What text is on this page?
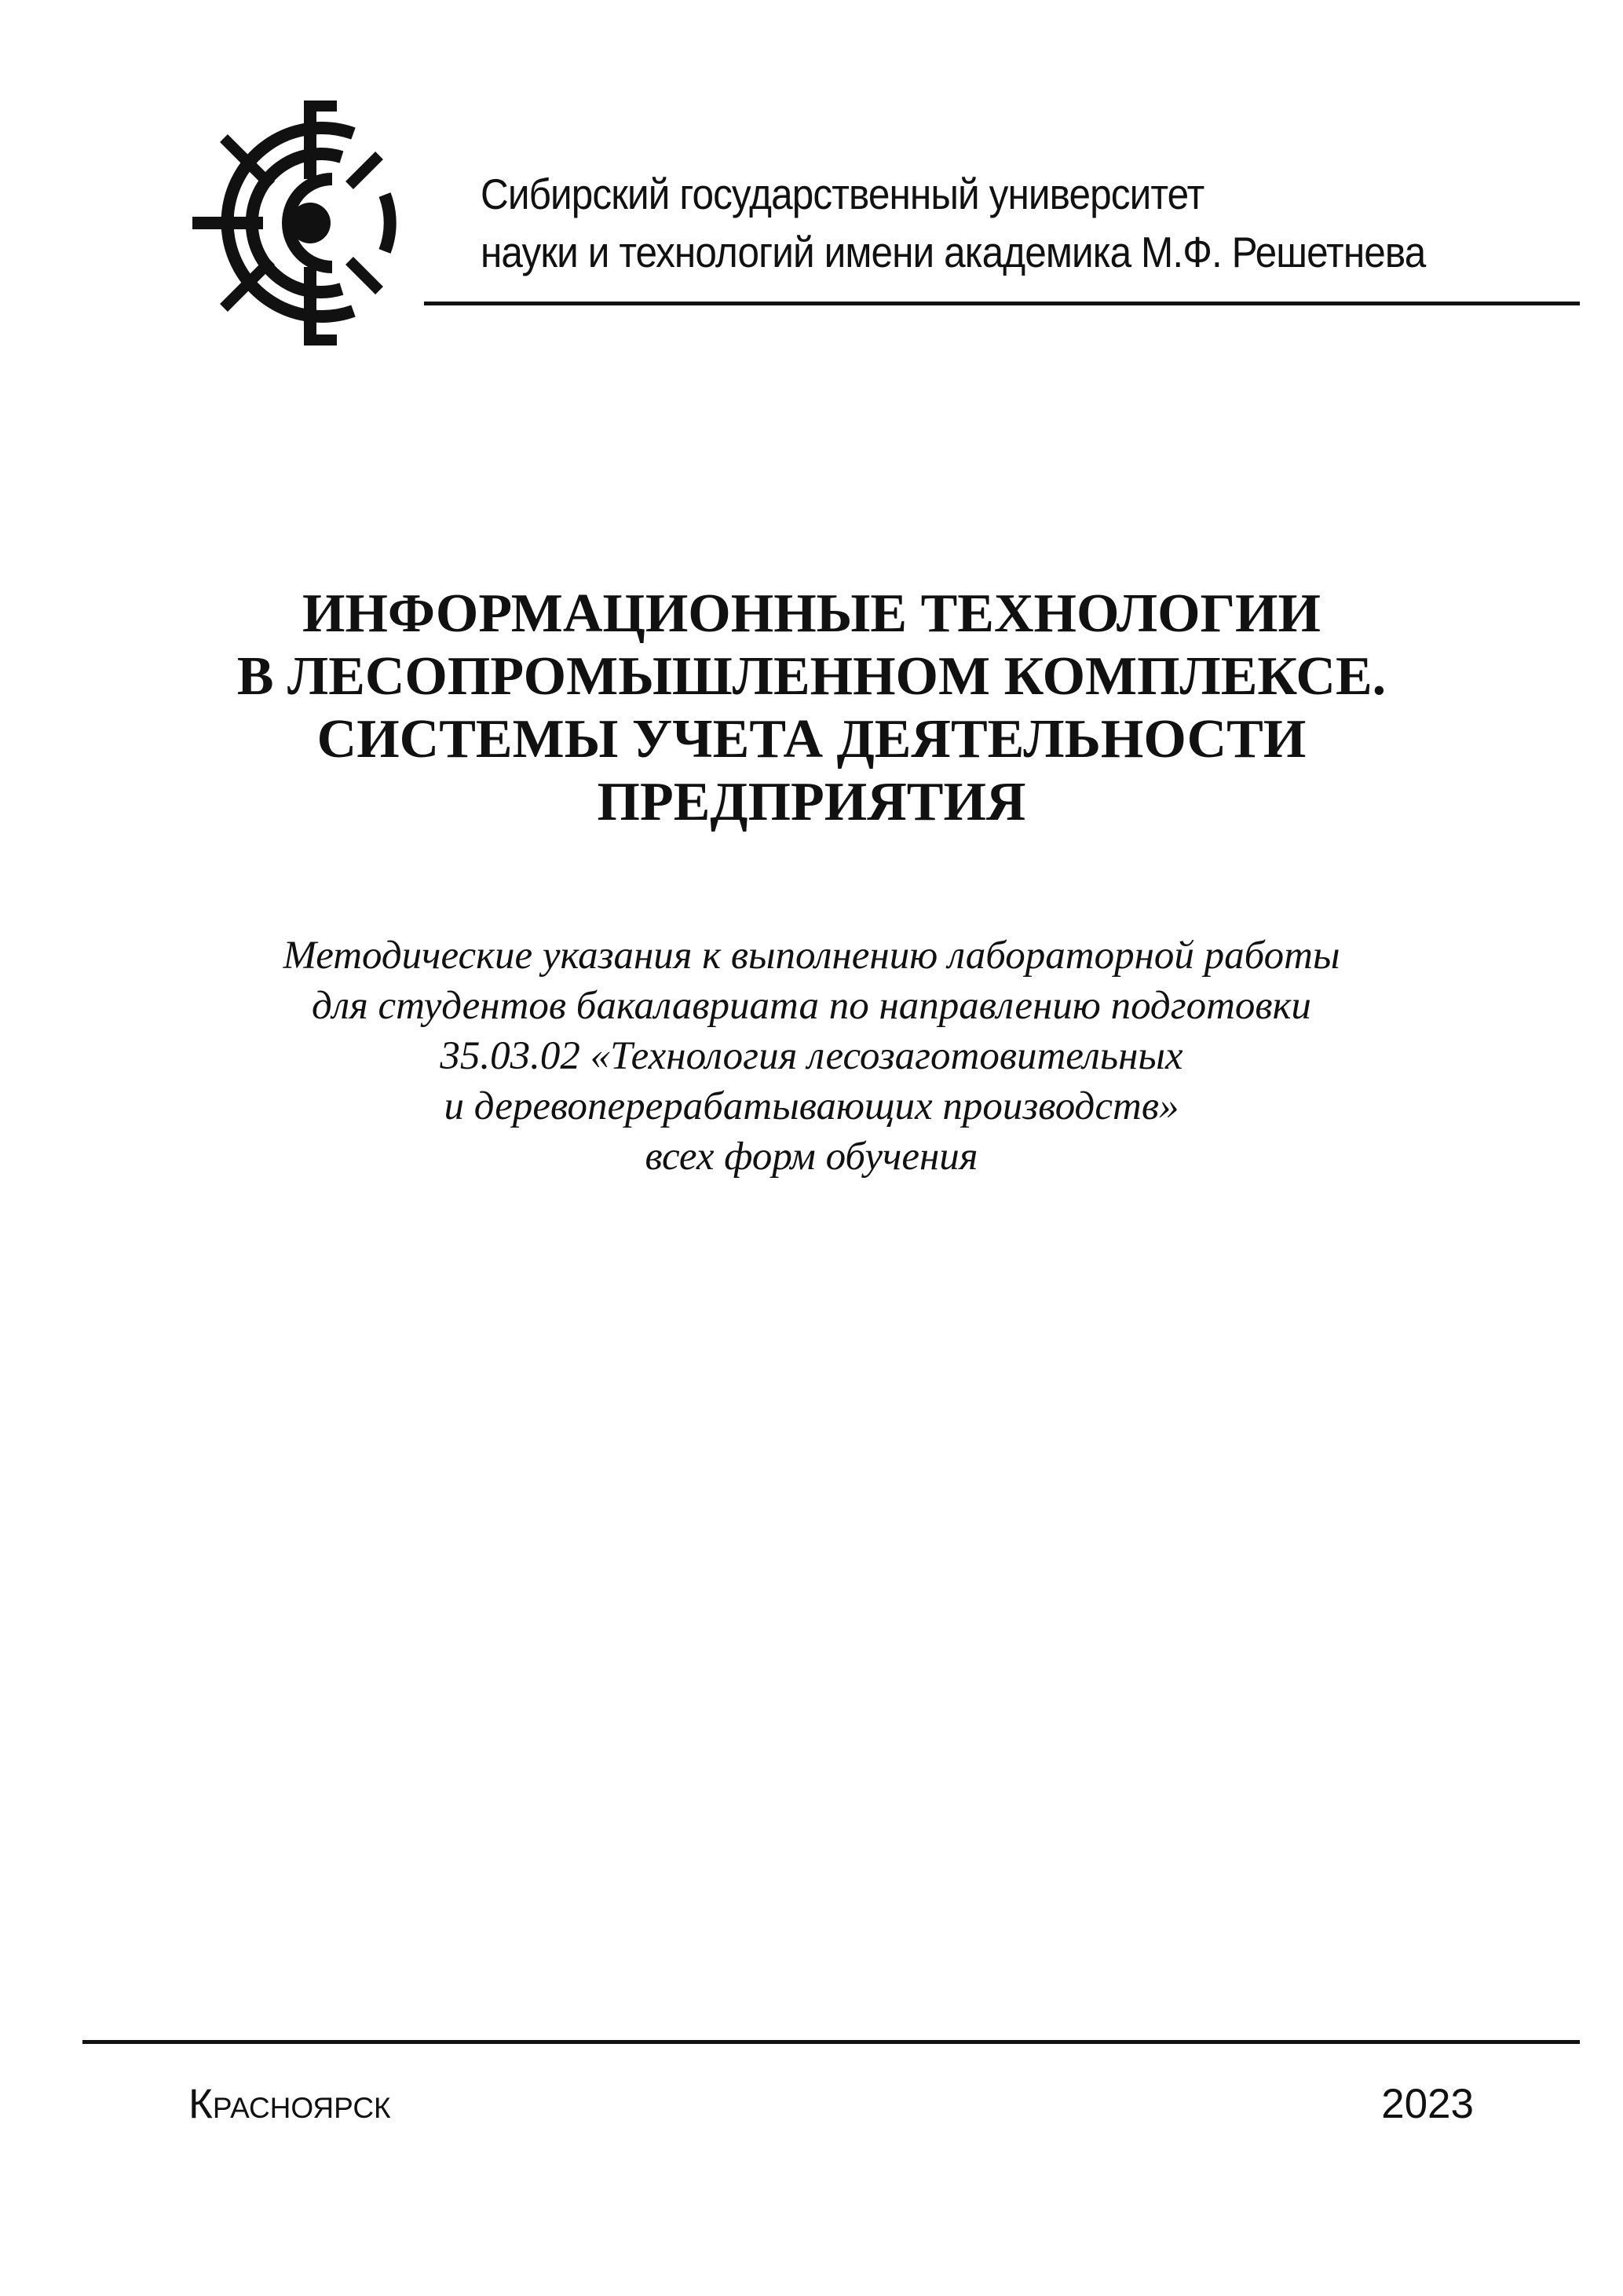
Сибирский государственный университет
науки и технологий имени академика М.Ф. Решетнева
ИНФОРМАЦИОННЫЕ ТЕХНОЛОГИИ
В ЛЕСОПРОМЫШЛЕННОМ КОМПЛЕКСЕ.
СИСТЕМЫ УЧЕТА ДЕЯТЕЛЬНОСТИ
ПРЕДПРИЯТИЯ
Методические указания к выполнению лабораторной работы
для студентов бакалавриата по направлению подготовки
35.03.02 «Технология лесозаготовительных
и деревоперерабатывающих производств»
всех форм обучения
Красноярск	2023
